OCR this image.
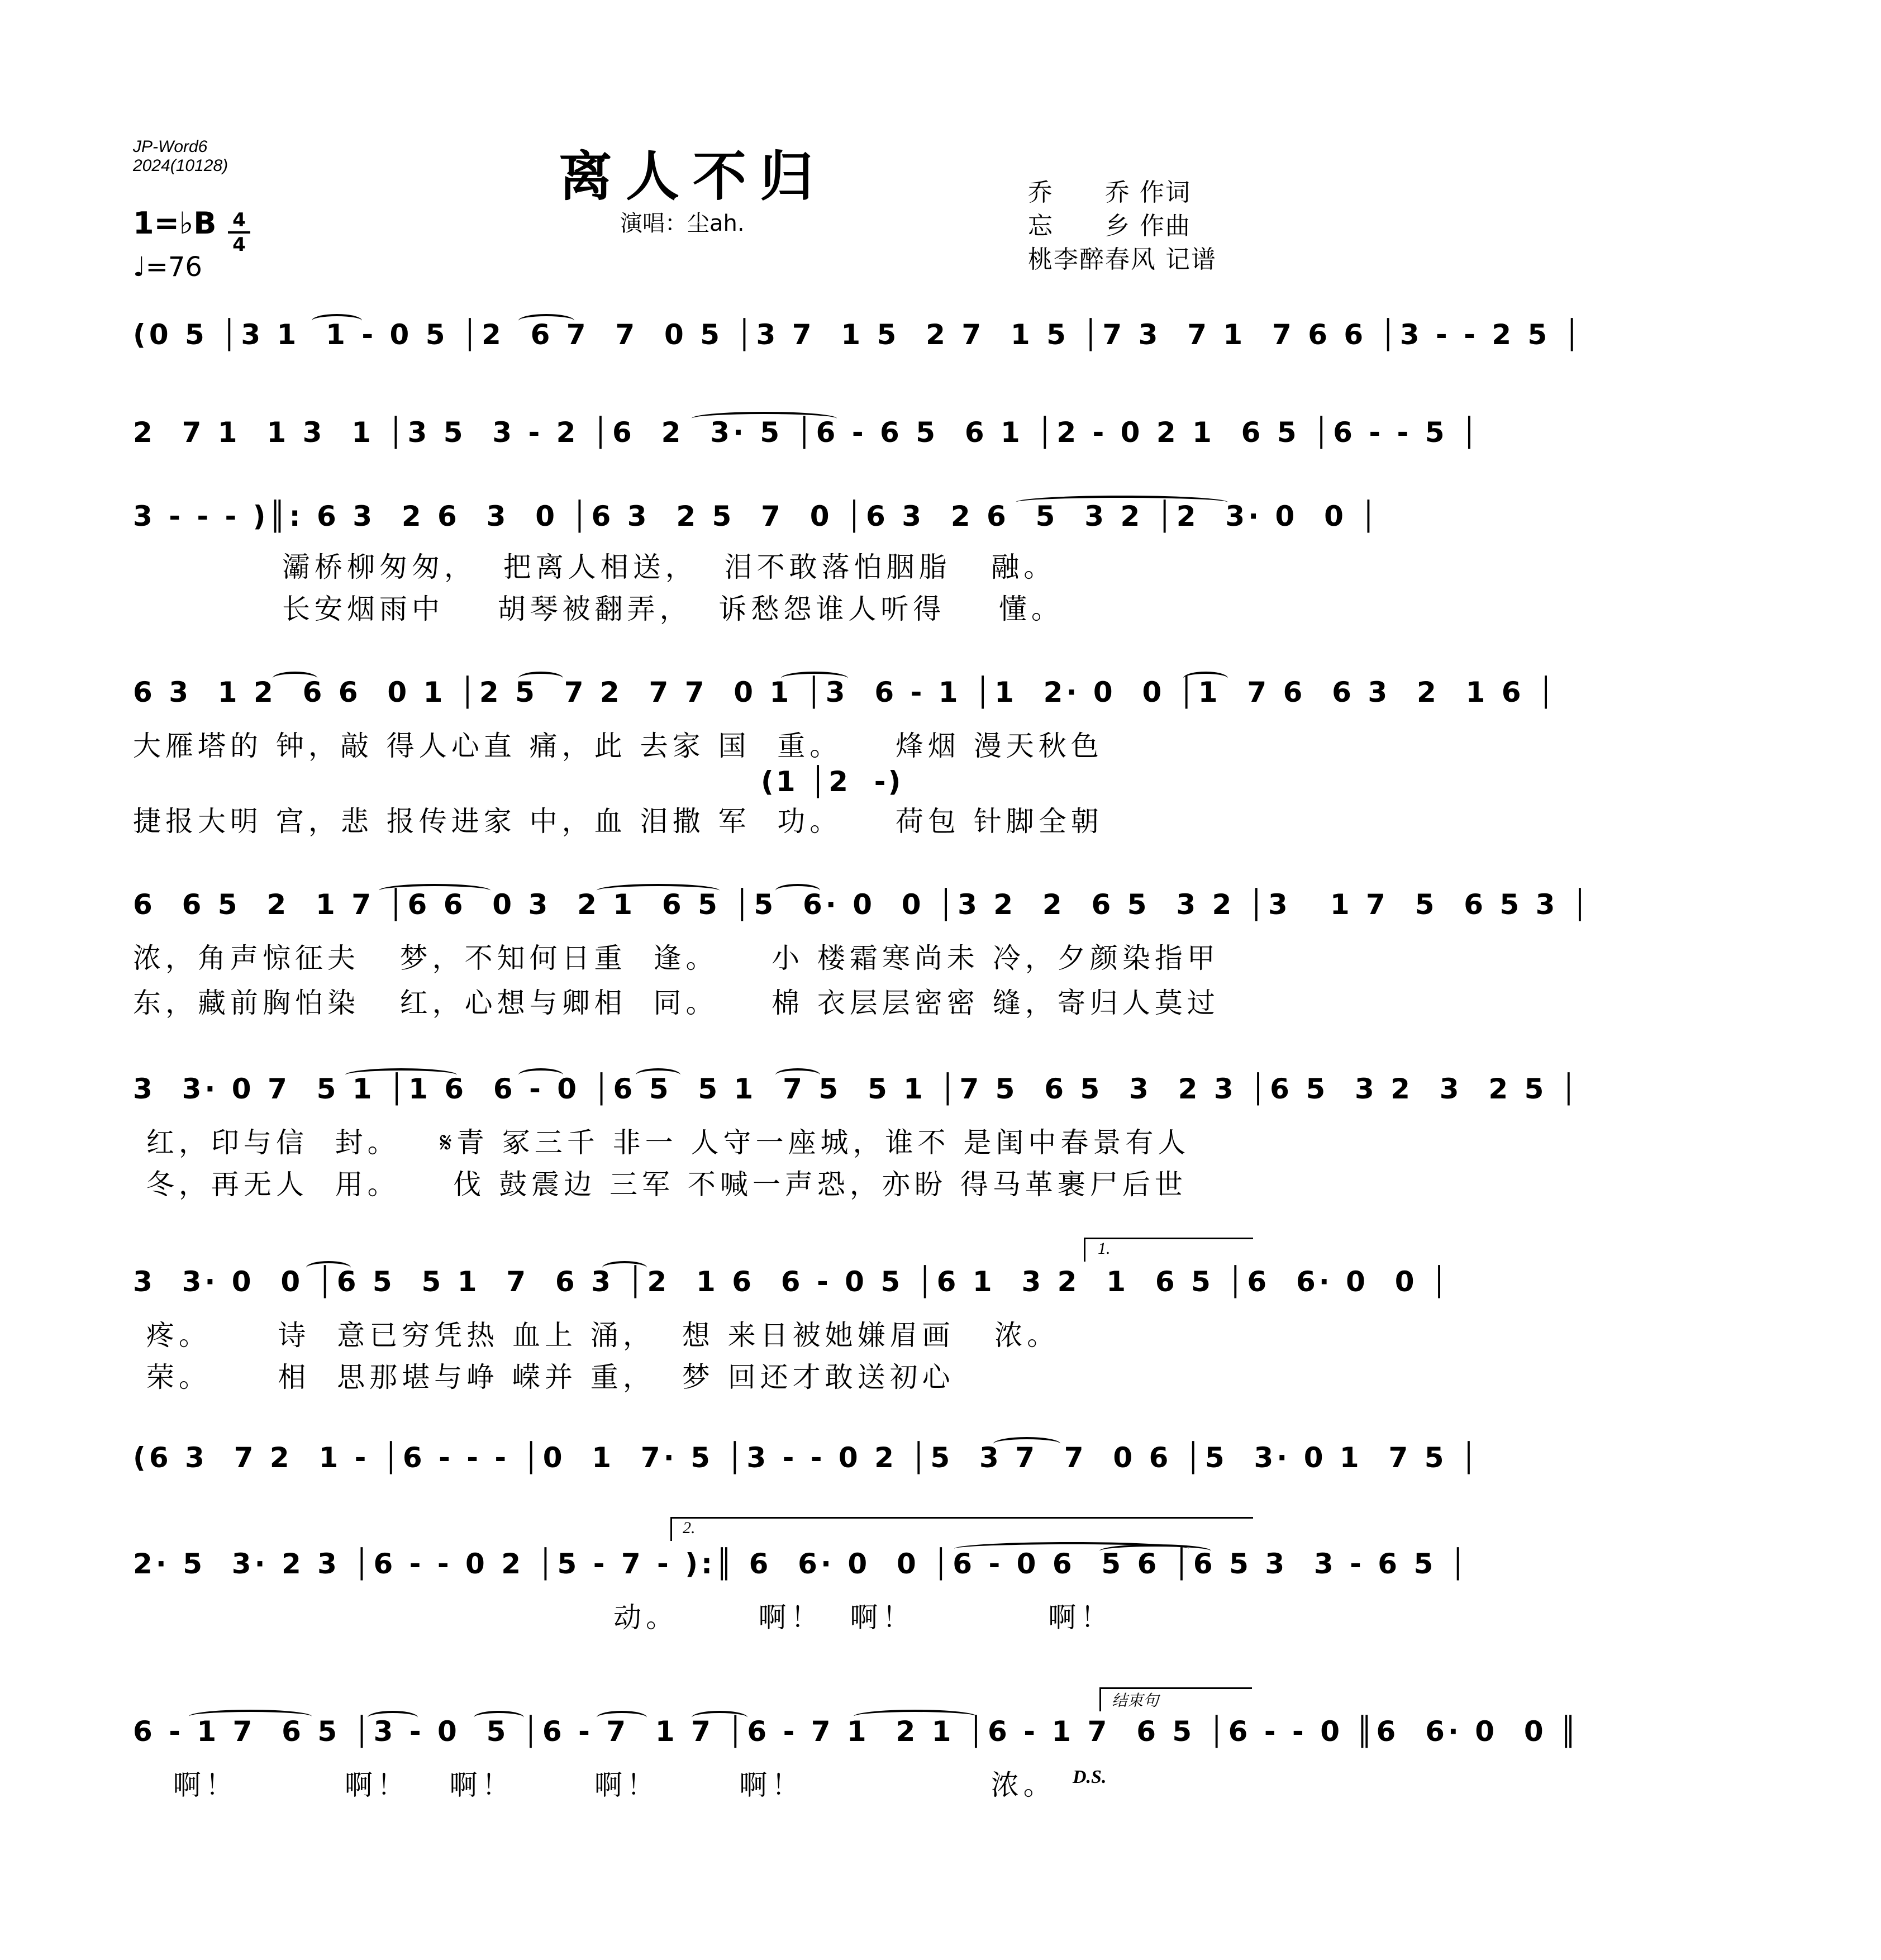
JP-Word6
2024(10128)	离人不归
演唱：尘ah.
乔　　乔 作词
忘　　乡 作曲
桃李醉春风 记谱
1=♭B 4
4
♩=76
(0 5 │3 1  1 - 0 5 │2  6 7  7  0 5 │3 7  1 5  2 7  1 5 │7 3  7 1  7 6 6 │3 - - 2 5 │
2  7 1  1 3  1 │3 5  3 - 2 │6  2  3· 5 │6 - 6 5  6 1 │2 - 0 2 1  6 5 │6 - - 5 │
3 - - - )║: 6 3  2 6  3  0 │6 3  2 5  7  0 │6 3  2 6  5  3 2 │2  3· 0  0 │
灞桥柳匆匆，  把离人相送，  泪不敢落怕胭脂   融。
长安烟雨中    胡琴被翻弄，  诉愁怨谁人听得    懂。
6 3  1 2  6 6  0 1 │2 5  7 2  7 7  0 1 │3  6 - 1 │1  2· 0  0 │1  7 6  6 3  2  1 6 │
大雁塔的 钟，敲 得人心直 痛，此 去家 国  重。    烽烟 漫天秋色
(1 │2  -)
捷报大明 宫，悲 报传进家 中，血 泪撒 军  功。    荷包 针脚全朝
6  6 5  2  1 7 │6 6  0 3  2 1  6 5 │5  6· 0  0 │3 2  2  6 5  3 2 │3   1 7  5  6 5 3 │
浓，角声惊征夫   梦，不知何日重  逢。    小 楼霜寒尚未 冷，夕颜染指甲
东，藏前胸怕染   红，心想与卿相  同。    棉 衣层层密密 缝，寄归人莫过
3  3· 0 7  5 1 │1 6  6 - 0 │6 5  5 1  7 5  5 1 │7 5  6 5  3  2 3 │6 5  3 2  3  2 5 │
红，印与信  封。   𝄋青 冢三千 非一 人守一座城，谁不 是闺中春景有人
冬，再无人  用。    伐 鼓震边 三军 不喊一声恐，亦盼 得马革裹尸后世
1.
3  3· 0  0 │6 5  5 1  7  6 3 │2  1 6  6 - 0 5 │6 1  3 2  1  6 5 │6  6· 0  0 │
疼。     诗  意已穷凭热 血上 涌，  想 来日被她嫌眉画   浓。
荣。     相  思那堪与峥 嵘并 重，  梦 回还才敢送初心
(6 3  7 2  1 - │6 - - - │0  1  7· 5 │3 - - 0 2 │5  3 7  7  0 6 │5  3· 0 1  7 5 │
2.
2· 5  3· 2 3 │6 - - 0 2 │5 - 7 - ):║ 6  6· 0  0 │6 - 0 6  5 6 │6 5 3  3 - 6 5 │
动。      啊！  啊！          啊！
结束句
6 - 1 7  6 5 │3 - 0  5 │6 - 7  1 7 │6 - 7 1  2 1 │6 - 1 7  6 5 │6 - - 0 ║6  6· 0  0 ║
啊！        啊！   啊！      啊！      啊！              浓。 D.S.
